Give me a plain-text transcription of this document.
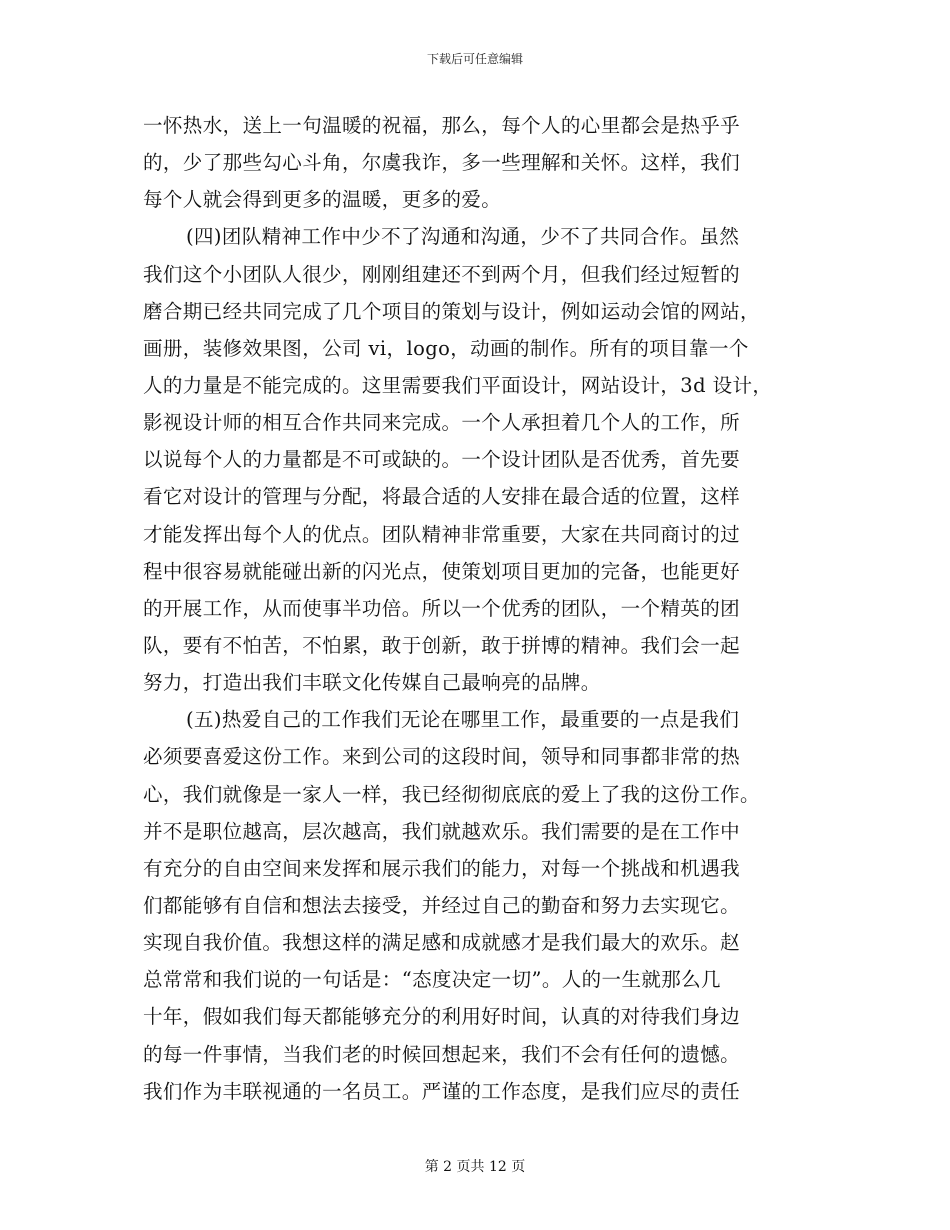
下载后可任意编辑
一怀热水，送上一句温暖的祝福，那么，每个人的心里都会是热乎乎
的，少了那些勾心斗角，尔虞我诈，多一些理解和关怀。这样，我们
每个人就会得到更多的温暖，更多的爱。
(四)团队精神工作中少不了沟通和沟通，少不了共同合作。虽然
我们这个小团队人很少，刚刚组建还不到两个月，但我们经过短暂的
磨合期已经共同完成了几个项目的策划与设计，例如运动会馆的网站，
画册，装修效果图，公司 vi，logo，动画的制作。所有的项目靠一个
人的力量是不能完成的。这里需要我们平面设计，网站设计，3d 设计，
影视设计师的相互合作共同来完成。一个人承担着几个人的工作，所
以说每个人的力量都是不可或缺的。一个设计团队是否优秀，首先要
看它对设计的管理与分配，将最合适的人安排在最合适的位置，这样
才能发挥出每个人的优点。团队精神非常重要，大家在共同商讨的过
程中很容易就能碰出新的闪光点，使策划项目更加的完备，也能更好
的开展工作，从而使事半功倍。所以一个优秀的团队，一个精英的团
队，要有不怕苦，不怕累，敢于创新，敢于拼博的精神。我们会一起
努力，打造出我们丰联文化传媒自己最响亮的品牌。
(五)热爱自己的工作我们无论在哪里工作，最重要的一点是我们
必须要喜爱这份工作。来到公司的这段时间，领导和同事都非常的热
心，我们就像是一家人一样，我已经彻彻底底的爱上了我的这份工作。
并不是职位越高，层次越高，我们就越欢乐。我们需要的是在工作中
有充分的自由空间来发挥和展示我们的能力，对每一个挑战和机遇我
们都能够有自信和想法去接受，并经过自己的勤奋和努力去实现它。
实现自我价值。我想这样的满足感和成就感才是我们最大的欢乐。赵
总常常和我们说的一句话是：“态度决定一切”。人的一生就那么几
十年，假如我们每天都能够充分的利用好时间，认真的对待我们身边
的每一件事情，当我们老的时候回想起来，我们不会有任何的遗憾。
我们作为丰联视通的一名员工。严谨的工作态度，是我们应尽的责任
第 2 页共 12 页
